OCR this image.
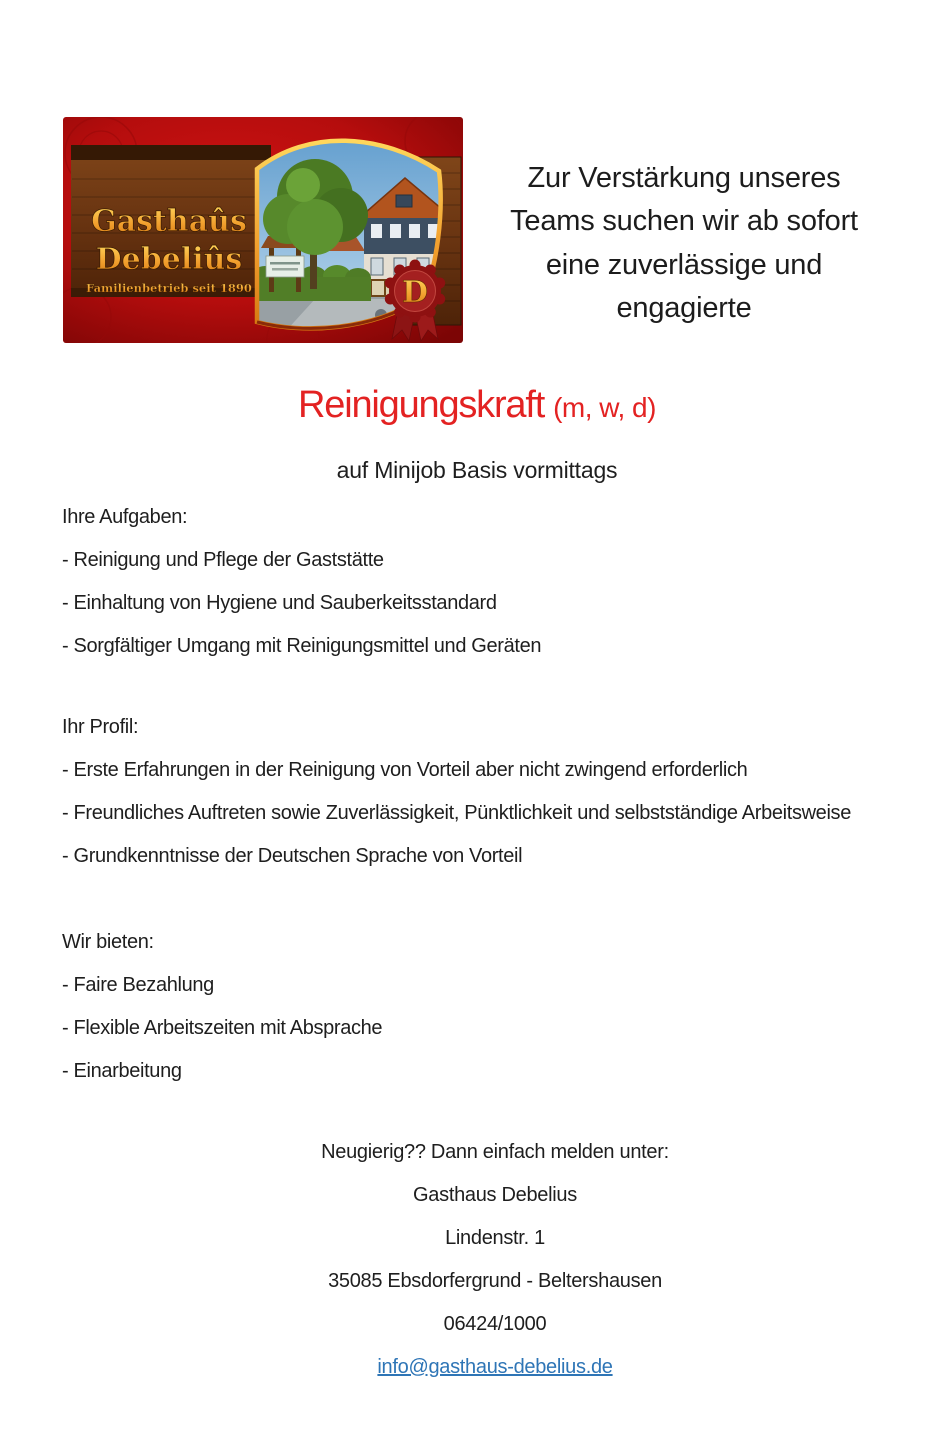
Gasthaûs
Debeliûs
Familienbetrieb seit 1890	D
Zur Verstärkung unseres
Teams suchen wir ab sofort
eine zuverlässige und
engagierte
Reinigungskraft (m, w, d)
auf Minijob Basis vormittags
Ihre Aufgaben:
- Reinigung und Pflege der Gaststätte
- Einhaltung von Hygiene und Sauberkeitsstandard
- Sorgfältiger Umgang mit Reinigungsmittel und Geräten
Ihr Profil:
- Erste Erfahrungen in der Reinigung von Vorteil aber nicht zwingend erforderlich
- Freundliches Auftreten sowie Zuverlässigkeit, Pünktlichkeit und selbstständige Arbeitsweise
- Grundkenntnisse der Deutschen Sprache von Vorteil
Wir bieten:
- Faire Bezahlung
- Flexible Arbeitszeiten mit Absprache
- Einarbeitung
Neugierig?? Dann einfach melden unter:
Gasthaus Debelius
Lindenstr. 1
35085 Ebsdorfergrund - Beltershausen
06424/1000
info@gasthaus-debelius.de
